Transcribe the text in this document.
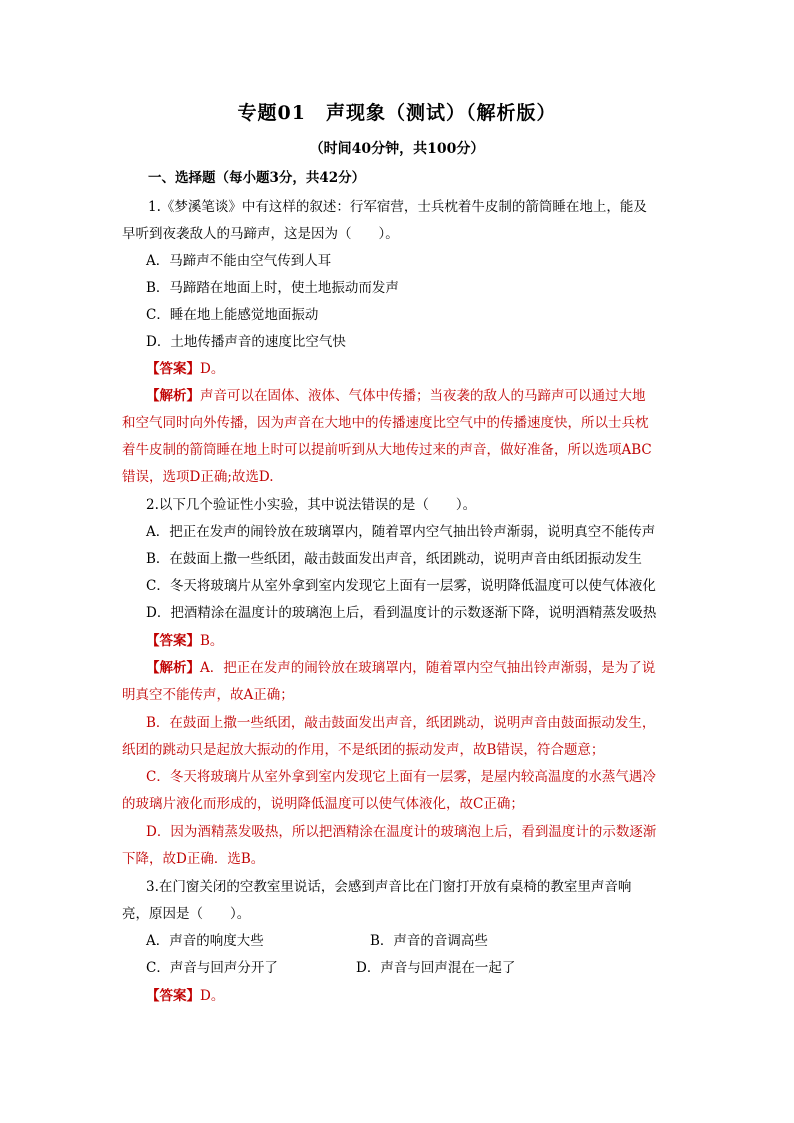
专题01　声现象（测试）（解析版）
（时间40分钟，共100分）
一、选择题（每小题3分，共42分）
1.《梦溪笔谈》中有这样的叙述：行军宿营，士兵枕着牛皮制的箭筒睡在地上，能及
早听到夜袭敌人的马蹄声，这是因为（　　）。
A．马蹄声不能由空气传到人耳
B．马蹄踏在地面上时，使土地振动而发声
C．睡在地上能感觉地面振动
D．土地传播声音的速度比空气快
【答案】D。
【解析】声音可以在固体、液体、气体中传播；当夜袭的敌人的马蹄声可以通过大地
和空气同时向外传播，因为声音在大地中的传播速度比空气中的传播速度快，所以士兵枕
着牛皮制的箭筒睡在地上时可以提前听到从大地传过来的声音，做好准备，所以选项ABC
错误，选项D正确;故选D.
2.以下几个验证性小实验，其中说法错误的是（　　）。
A．把正在发声的闹铃放在玻璃罩内，随着罩内空气抽出铃声渐弱，说明真空不能传声
B．在鼓面上撒一些纸团，敲击鼓面发出声音，纸团跳动，说明声音由纸团振动发生
C．冬天将玻璃片从室外拿到室内发现它上面有一层雾，说明降低温度可以使气体液化
D．把酒精涂在温度计的玻璃泡上后，看到温度计的示数逐渐下降，说明酒精蒸发吸热
【答案】B。
【解析】A．把正在发声的闹铃放在玻璃罩内，随着罩内空气抽出铃声渐弱，是为了说
明真空不能传声，故A正确；
B．在鼓面上撒一些纸团，敲击鼓面发出声音，纸团跳动，说明声音由鼓面振动发生，
纸团的跳动只是起放大振动的作用，不是纸团的振动发声，故B错误，符合题意；
C．冬天将玻璃片从室外拿到室内发现它上面有一层雾，是屋内较高温度的水蒸气遇冷
的玻璃片液化而形成的，说明降低温度可以使气体液化，故C正确；
D．因为酒精蒸发吸热，所以把酒精涂在温度计的玻璃泡上后，看到温度计的示数逐渐
下降，故D正确．选B。
3.在门窗关闭的空教室里说话，会感到声音比在门窗打开放有桌椅的教室里声音响
亮，原因是（　　）。
A．声音的响度大些	B．声音的音调高些
C．声音与回声分开了	D．声音与回声混在一起了
【答案】D。
